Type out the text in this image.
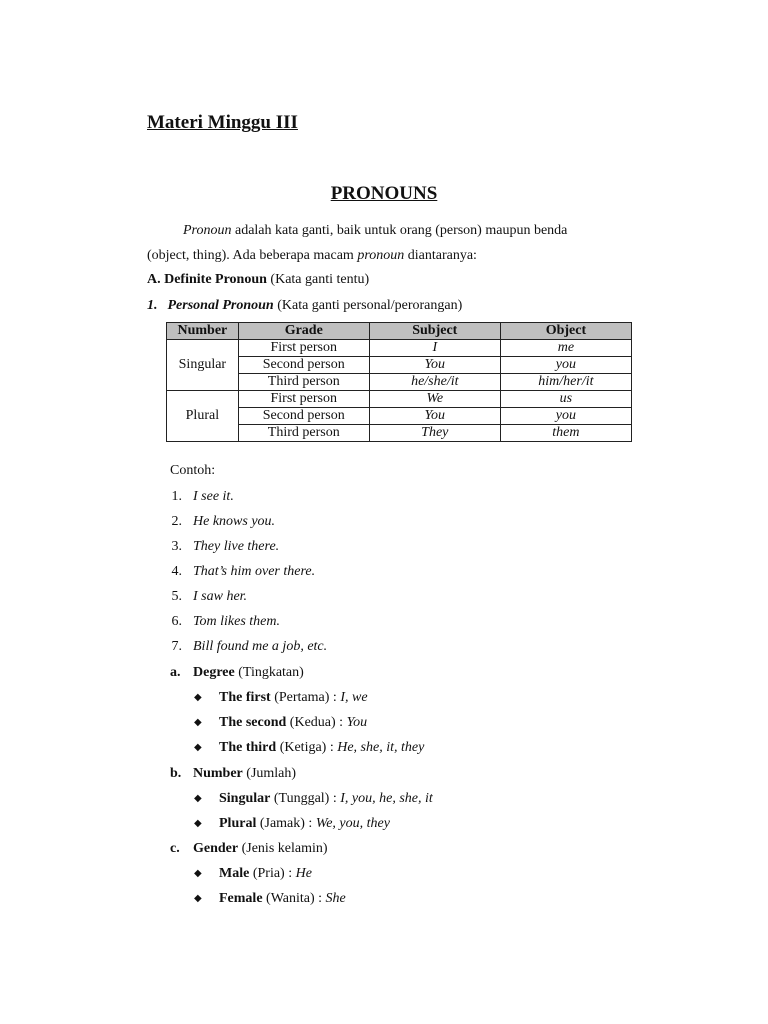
Materi Minggu III
PRONOUNS
Pronoun adalah kata ganti, baik untuk orang (person) maupun benda
(object, thing). Ada beberapa macam pronoun diantaranya:
A. Definite Pronoun (Kata ganti tentu)
1. Personal Pronoun (Kata ganti personal/perorangan)
Number	Grade	Subject	Object
Singular	First person	I	me
	Second person	You	you
	Third person	he/she/it	him/her/it
Plural	First person	We	us
	Second person	You	you
	Third person	They	them
Contoh:
1. I see it.
2. He knows you.
3. They live there.
4. That’s him over there.
5. I saw her.
6. Tom likes them.
7. Bill found me a job, etc.
a. Degree (Tingkatan)
◆ The first (Pertama) : I, we
◆ The second (Kedua) : You
◆ The third (Ketiga) : He, she, it, they
b. Number (Jumlah)
◆ Singular (Tunggal) : I, you, he, she, it
◆ Plural (Jamak) : We, you, they
c. Gender (Jenis kelamin)
◆ Male (Pria) : He
◆ Female (Wanita) : She
